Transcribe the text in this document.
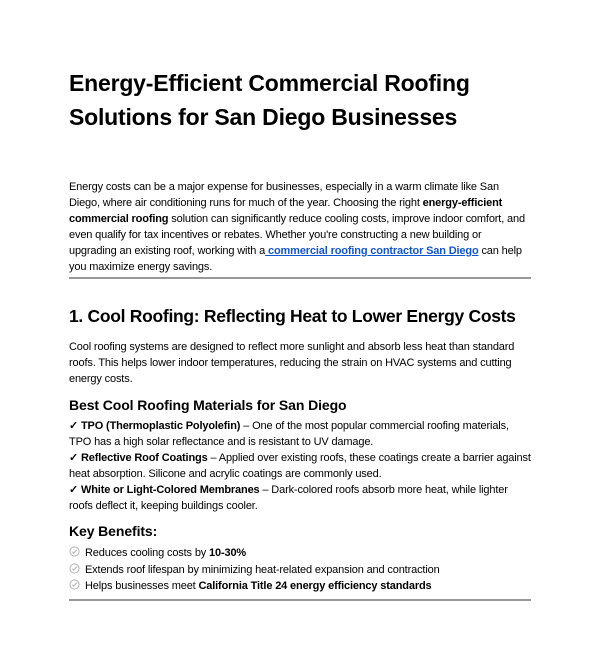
Energy-Efficient Commercial Roofing
Solutions for San Diego Businesses

Energy costs can be a major expense for businesses, especially in a warm climate like San Diego, where air conditioning runs for much of the year. Choosing the right energy-efficient commercial roofing solution can significantly reduce cooling costs, improve indoor comfort, and even qualify for tax incentives or rebates. Whether you're constructing a new building or upgrading an existing roof, working with a commercial roofing contractor San Diego can help you maximize energy savings.

1. Cool Roofing: Reflecting Heat to Lower Energy Costs

Cool roofing systems are designed to reflect more sunlight and absorb less heat than standard roofs. This helps lower indoor temperatures, reducing the strain on HVAC systems and cutting energy costs.

Best Cool Roofing Materials for San Diego
✓ TPO (Thermoplastic Polyolefin) – One of the most popular commercial roofing materials, TPO has a high solar reflectance and is resistant to UV damage.
✓ Reflective Roof Coatings – Applied over existing roofs, these coatings create a barrier against heat absorption. Silicone and acrylic coatings are commonly used.
✓ White or Light-Colored Membranes – Dark-colored roofs absorb more heat, while lighter roofs deflect it, keeping buildings cooler.
Key Benefits:
Reduces cooling costs by 10-30%
Extends roof lifespan by minimizing heat-related expansion and contraction
Helps businesses meet California Title 24 energy efficiency standards
